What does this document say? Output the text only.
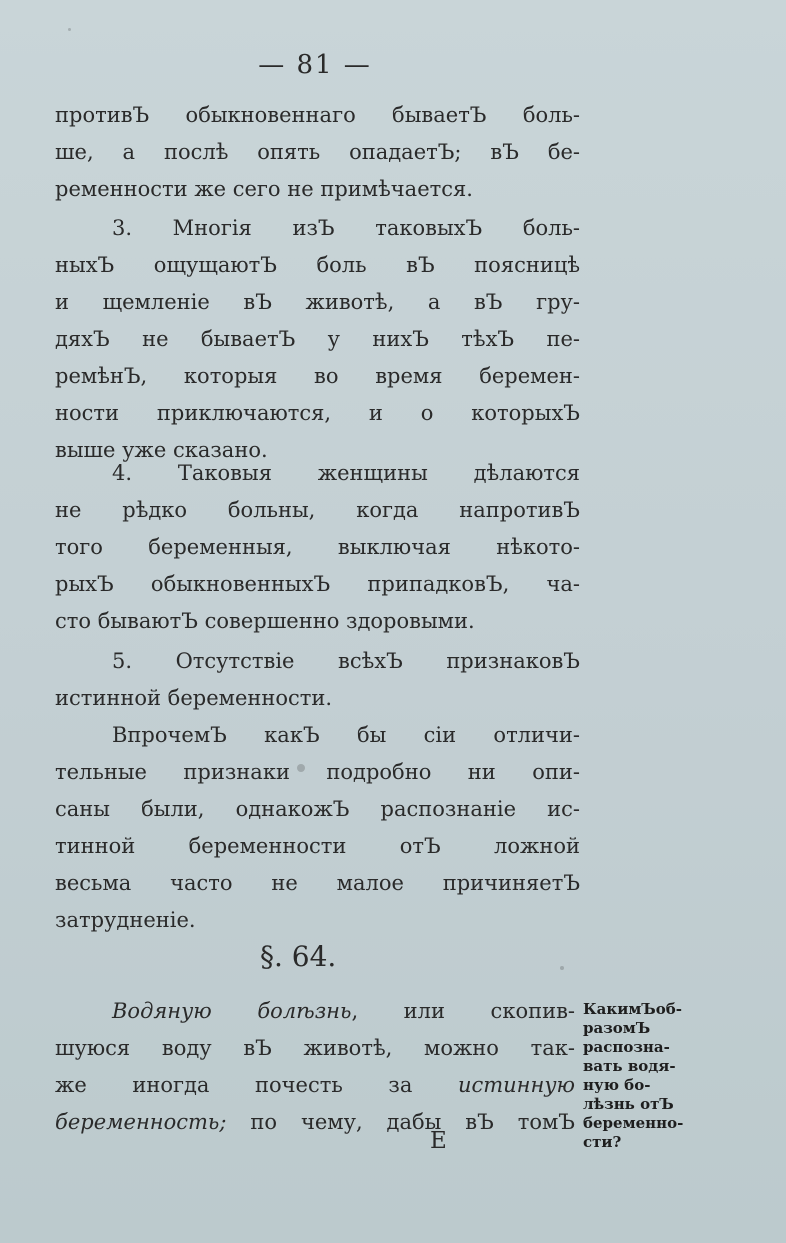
— 81 —
противЪ обыкновеннаго бываетЪ боль-
ше, а послѣ опять опадаетЪ; вЪ бе-
ременности же сего не примѣчается.
3. Многія изЪ таковыхЪ боль-
ныхЪ ощущаютЪ боль вЪ поясницѣ
и щемленіе вЪ животѣ, а вЪ гру-
дяхЪ не бываетЪ у нихЪ тѣхЪ пе-
ремѣнЪ, которыя во время беремен-
ности приключаются, и о которыхЪ
выше уже сказано.
4. Таковыя женщины дѣлаются
не рѣдко больны, когда напротивЪ
того беременныя, выключая нѣкото-
рыхЪ обыкновенныхЪ припадковЪ, ча-
сто бываютЪ совершенно здоровыми.
5. Отсутствіе всѣхЪ признаковЪ
истинной беременности.
ВпрочемЪ какЪ бы сіи отличи-
тельные признаки подробно ни опи-
саны были, однакожЪ распознаніе ис-
тинной беременности отЪ ложной
весьма часто не малое причиняетЪ
затрудненіе.
§. 64.
Водяную болѣзнь, или скопив-
шуюся воду вЪ животѣ, можно так-
же иногда почесть за истинную
беременность; по чему, дабы вЪ томЪ
КакимЪоб-
разомЪ
распозна-
вать водя-
ную бо-
лѣзнь отЪ
беременно-
сти?
E
